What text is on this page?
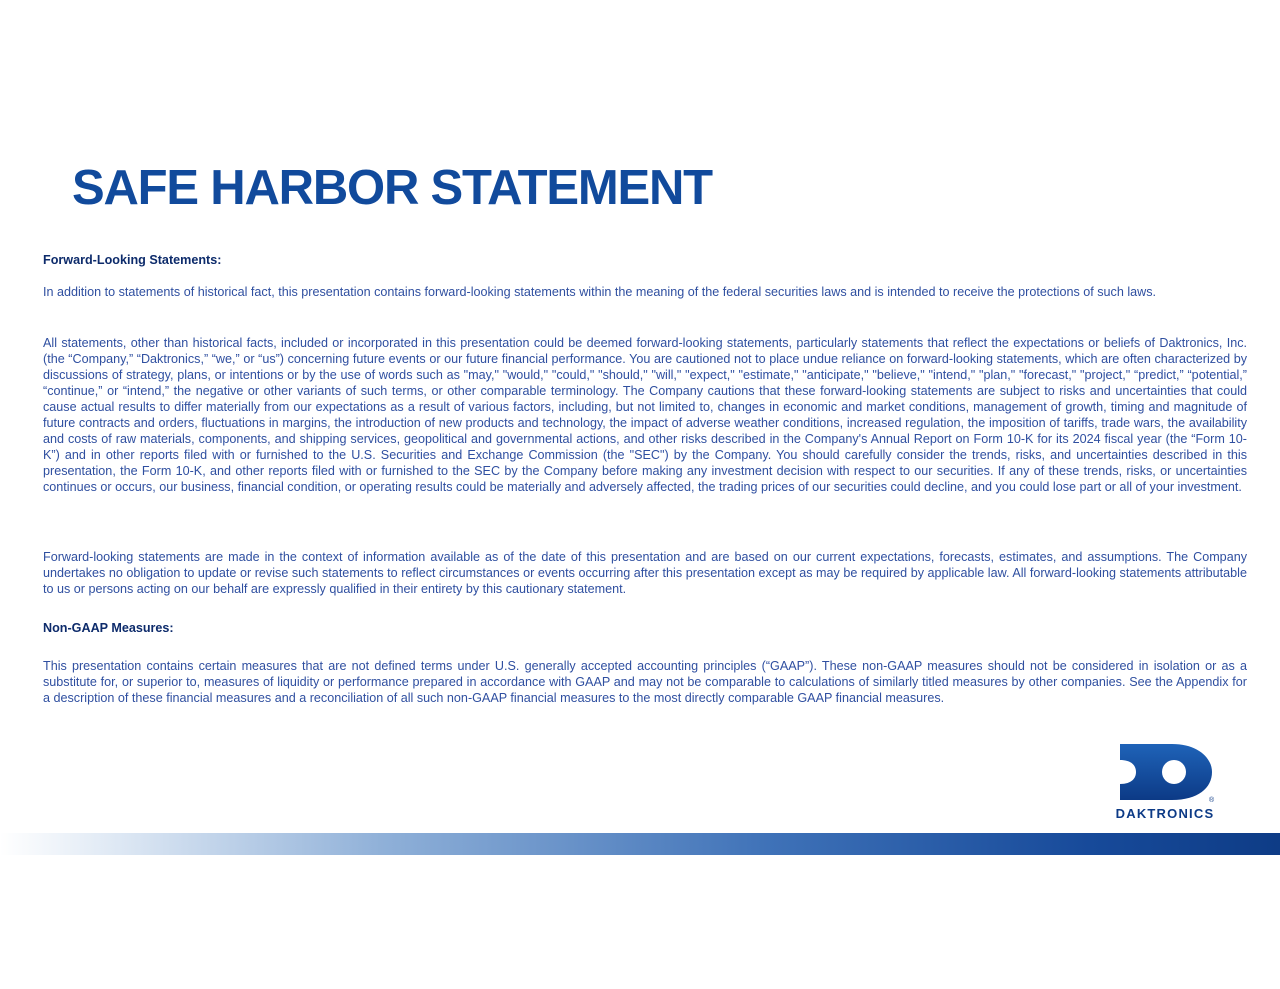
SAFE HARBOR STATEMENT

Forward-Looking Statements:

In addition to statements of historical fact, this presentation contains forward-looking statements within the meaning of the federal securities laws and is intended to receive the protections of such laws.

All statements, other than historical facts, included or incorporated in this presentation could be deemed forward-looking statements, particularly statements that reflect the expectations or beliefs of Daktronics, Inc. (the “Company,” “Daktronics,” “we,” or “us”) concerning future events or our future financial performance. You are cautioned not to place undue reliance on forward-looking statements, which are often characterized by discussions of strategy, plans, or intentions or by the use of words such as "may," "would," "could," "should," "will," "expect," "estimate," "anticipate," "believe," "intend," "plan," "forecast," "project," “predict,” “potential,” “continue,” or “intend,” the negative or other variants of such terms, or other comparable terminology. The Company cautions that these forward-looking statements are subject to risks and uncertainties that could cause actual results to differ materially from our expectations as a result of various factors, including, but not limited to, changes in economic and market conditions, management of growth, timing and magnitude of future contracts and orders, fluctuations in margins, the introduction of new products and technology, the impact of adverse weather conditions, increased regulation, the imposition of tariffs, trade wars, the availability and costs of raw materials, components, and shipping services, geopolitical and governmental actions, and other risks described in the Company's Annual Report on Form 10-K for its 2024 fiscal year (the “Form 10-K”) and in other reports filed with or furnished to the U.S. Securities and Exchange Commission (the "SEC") by the Company. You should carefully consider the trends, risks, and uncertainties described in this presentation, the Form 10-K, and other reports filed with or furnished to the SEC by the Company before making any investment decision with respect to our securities. If any of these trends, risks, or uncertainties continues or occurs, our business, financial condition, or operating results could be materially and adversely affected, the trading prices of our securities could decline, and you could lose part or all of your investment.

Forward-looking statements are made in the context of information available as of the date of this presentation and are based on our current expectations, forecasts, estimates, and assumptions. The Company undertakes no obligation to update or revise such statements to reflect circumstances or events occurring after this presentation except as may be required by applicable law. All forward-looking statements attributable to us or persons acting on our behalf are expressly qualified in their entirety by this cautionary statement.

Non-GAAP Measures:

This presentation contains certain measures that are not defined terms under U.S. generally accepted accounting principles (“GAAP”). These non-GAAP measures should not be considered in isolation or as a substitute for, or superior to, measures of liquidity or performance prepared in accordance with GAAP and may not be comparable to calculations of similarly titled measures by other companies. See the Appendix for a description of these financial measures and a reconciliation of all such non-GAAP financial measures to the most directly comparable GAAP financial measures.

®
DAKTRONICS
